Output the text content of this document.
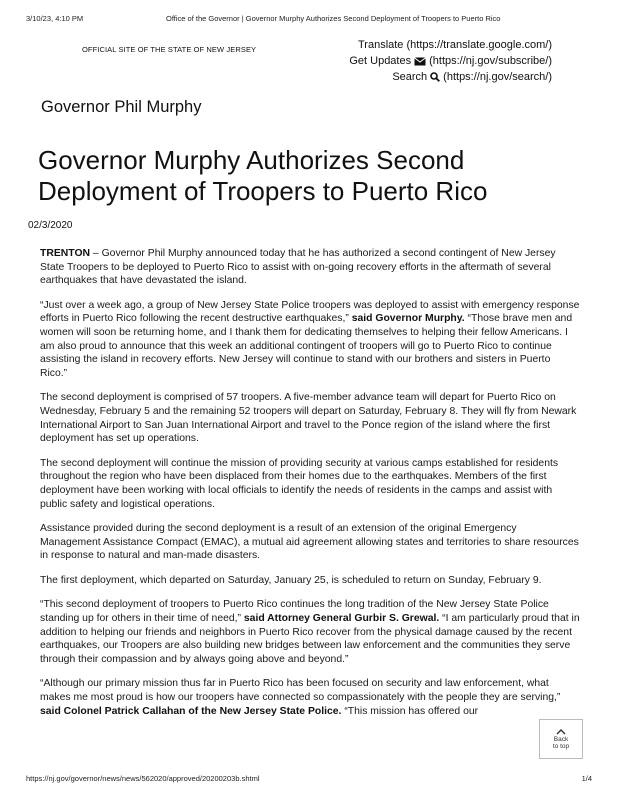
3/10/23, 4:10 PM	Office of the Governor | Governor Murphy Authorizes Second Deployment of Troopers to Puerto Rico
OFFICIAL SITE OF THE STATE OF NEW JERSEY	Translate (https://translate.google.com/)
Get Updates (https://nj.gov/subscribe/)
Search (https://nj.gov/search/)
Governor Phil Murphy
Governor Murphy Authorizes Second Deployment of Troopers to Puerto Rico
02/3/2020

TRENTON – Governor Phil Murphy announced today that he has authorized a second contingent of New Jersey State Troopers to be deployed to Puerto Rico to assist with on-going recovery efforts in the aftermath of several earthquakes that have devastated the island.

“Just over a week ago, a group of New Jersey State Police troopers was deployed to assist with emergency response efforts in Puerto Rico following the recent destructive earthquakes,” said Governor Murphy. “Those brave men and women will soon be returning home, and I thank them for dedicating themselves to helping their fellow Americans. I am also proud to announce that this week an additional contingent of troopers will go to Puerto Rico to continue assisting the island in recovery efforts. New Jersey will continue to stand with our brothers and sisters in Puerto Rico.”

The second deployment is comprised of 57 troopers. A five-member advance team will depart for Puerto Rico on Wednesday, February 5 and the remaining 52 troopers will depart on Saturday, February 8. They will fly from Newark International Airport to San Juan International Airport and travel to the Ponce region of the island where the first deployment has set up operations.

The second deployment will continue the mission of providing security at various camps established for residents throughout the region who have been displaced from their homes due to the earthquakes. Members of the first deployment have been working with local officials to identify the needs of residents in the camps and assist with public safety and logistical operations.

Assistance provided during the second deployment is a result of an extension of the original Emergency Management Assistance Compact (EMAC), a mutual aid agreement allowing states and territories to share resources in response to natural and man-made disasters.

The first deployment, which departed on Saturday, January 25, is scheduled to return on Sunday, February 9.

“This second deployment of troopers to Puerto Rico continues the long tradition of the New Jersey State Police standing up for others in their time of need,” said Attorney General Gurbir S. Grewal. “I am particularly proud that in addition to helping our friends and neighbors in Puerto Rico recover from the physical damage caused by the recent earthquakes, our Troopers are also building new bridges between law enforcement and the communities they serve through their compassion and by always going above and beyond.”

“Although our primary mission thus far in Puerto Rico has been focused on security and law enforcement, what makes me most proud is how our troopers have connected so compassionately with the people they are serving,” said Colonel Patrick Callahan of the New Jersey State Police. “This mission has offered our

Back
to top
https://nj.gov/governor/news/news/562020/approved/20200203b.shtml	1/4
